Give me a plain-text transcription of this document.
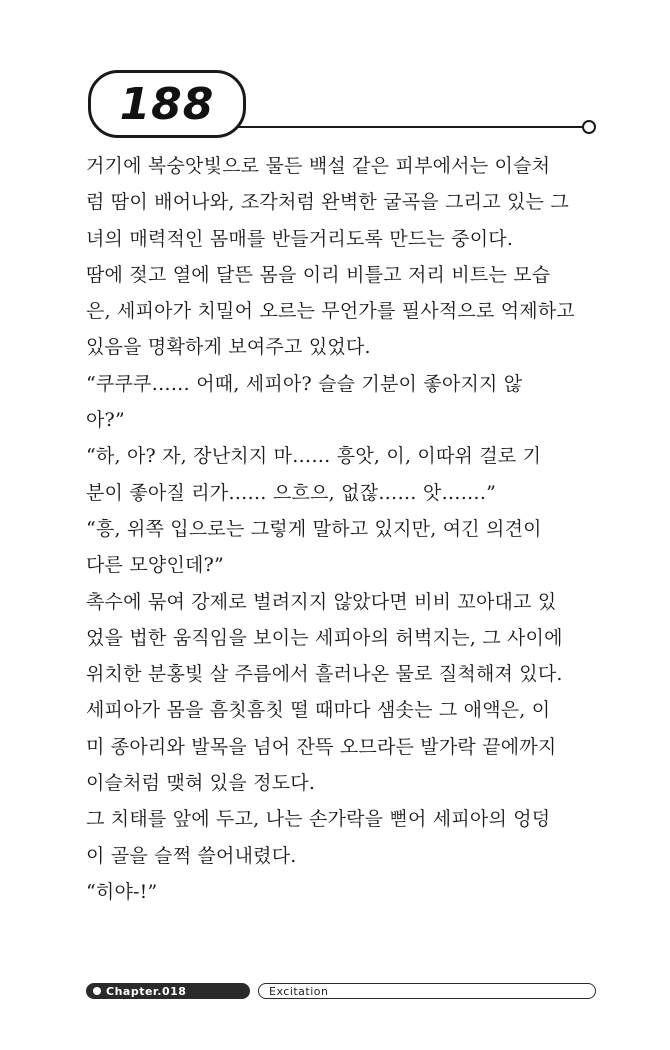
188
거기에 복숭앗빛으로 물든 백설 같은 피부에서는 이슬처
럼 땀이 배어나와, 조각처럼 완벽한 굴곡을 그리고 있는 그
녀의 매력적인 몸매를 반들거리도록 만드는 중이다.
땀에 젖고 열에 달뜬 몸을 이리 비틀고 저리 비트는 모습
은, 세피아가 치밀어 오르는 무언가를 필사적으로 억제하고
있음을 명확하게 보여주고 있었다.
“쿠쿠쿠…… 어때, 세피아? 슬슬 기분이 좋아지지 않
아?”
“하, 아? 자, 장난치지 마…… 흥앗, 이, 이따위 걸로 기
분이 좋아질 리가…… 으흐으, 없잖…… 앗…….”
“흥, 위쪽 입으로는 그렇게 말하고 있지만, 여긴 의견이
다른 모양인데?”
촉수에 묶여 강제로 벌려지지 않았다면 비비 꼬아대고 있
었을 법한 움직임을 보이는 세피아의 허벅지는, 그 사이에
위치한 분홍빛 살 주름에서 흘러나온 물로 질척해져 있다.
세피아가 몸을 흠칫흠칫 떨 때마다 샘솟는 그 애액은, 이
미 종아리와 발목을 넘어 잔뜩 오므라든 발가락 끝에까지
이슬처럼 맺혀 있을 정도다.
그 치태를 앞에 두고, 나는 손가락을 뻗어 세피아의 엉덩
이 골을 슬쩍 쓸어내렸다.
“히야-!”
Chapter.018	Excitation
